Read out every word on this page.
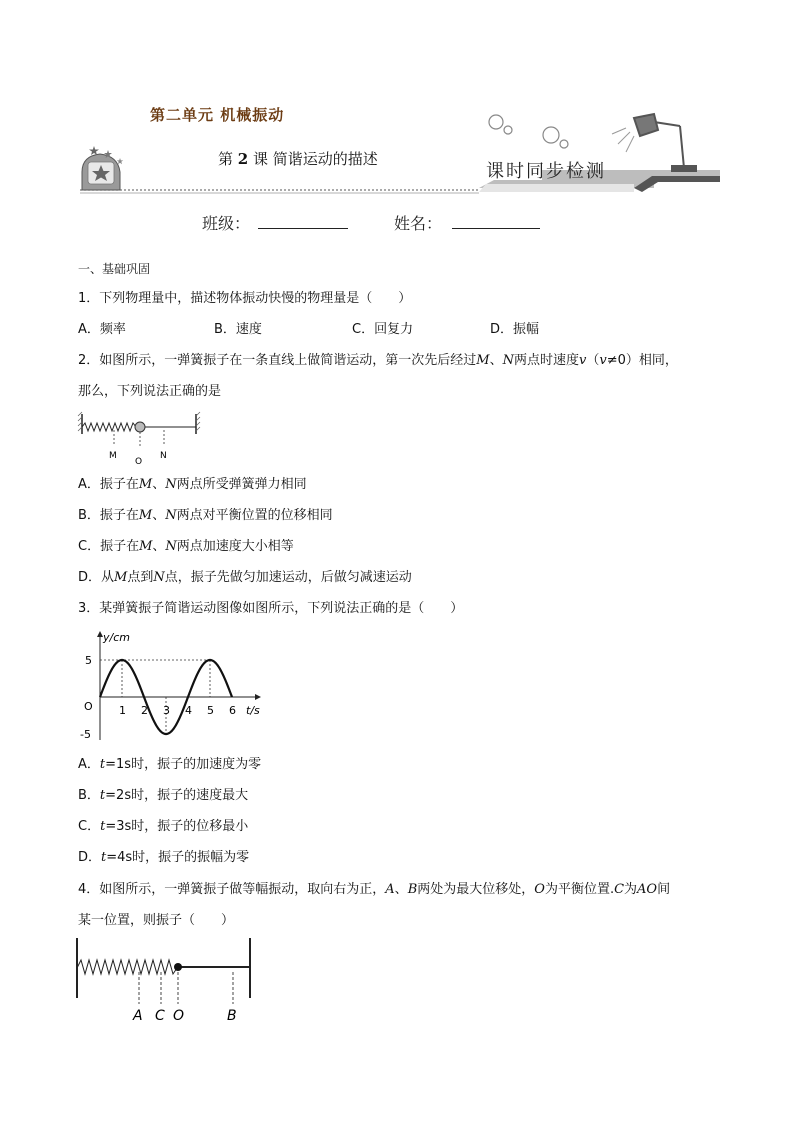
第二单元 机械振动
第 2 课 简谐运动的描述
课时同步检测
班级：	姓名：
一、基础巩固
1．下列物理量中，描述物体振动快慢的物理量是（　　）
A．频率	B．速度	C．回复力	D．振幅
2．如图所示，一弹簧振子在一条直线上做简谐运动，第一次先后经过M、N两点时速度v（v≠0）相同，
那么，下列说法正确的是
M
O
N
A．振子在M、N两点所受弹簧弹力相同
B．振子在M、N两点对平衡位置的位移相同
C．振子在M、N两点加速度大小相等
D．从M点到N点，振子先做匀加速运动，后做匀减速运动
3．某弹簧振子简谐运动图像如图所示，下列说法正确的是（　　）
y/cm
t/s
O 1 2 3 4 5 6
5
-5
A．t=1s时，振子的加速度为零
B．t=2s时，振子的速度最大
C．t=3s时，振子的位移最小
D．t=4s时，振子的振幅为零
4．如图所示，一弹簧振子做等幅振动，取向右为正，A、B两处为最大位移处，O为平衡位置.C为AO间
某一位置，则振子（　　）
A C O	B
